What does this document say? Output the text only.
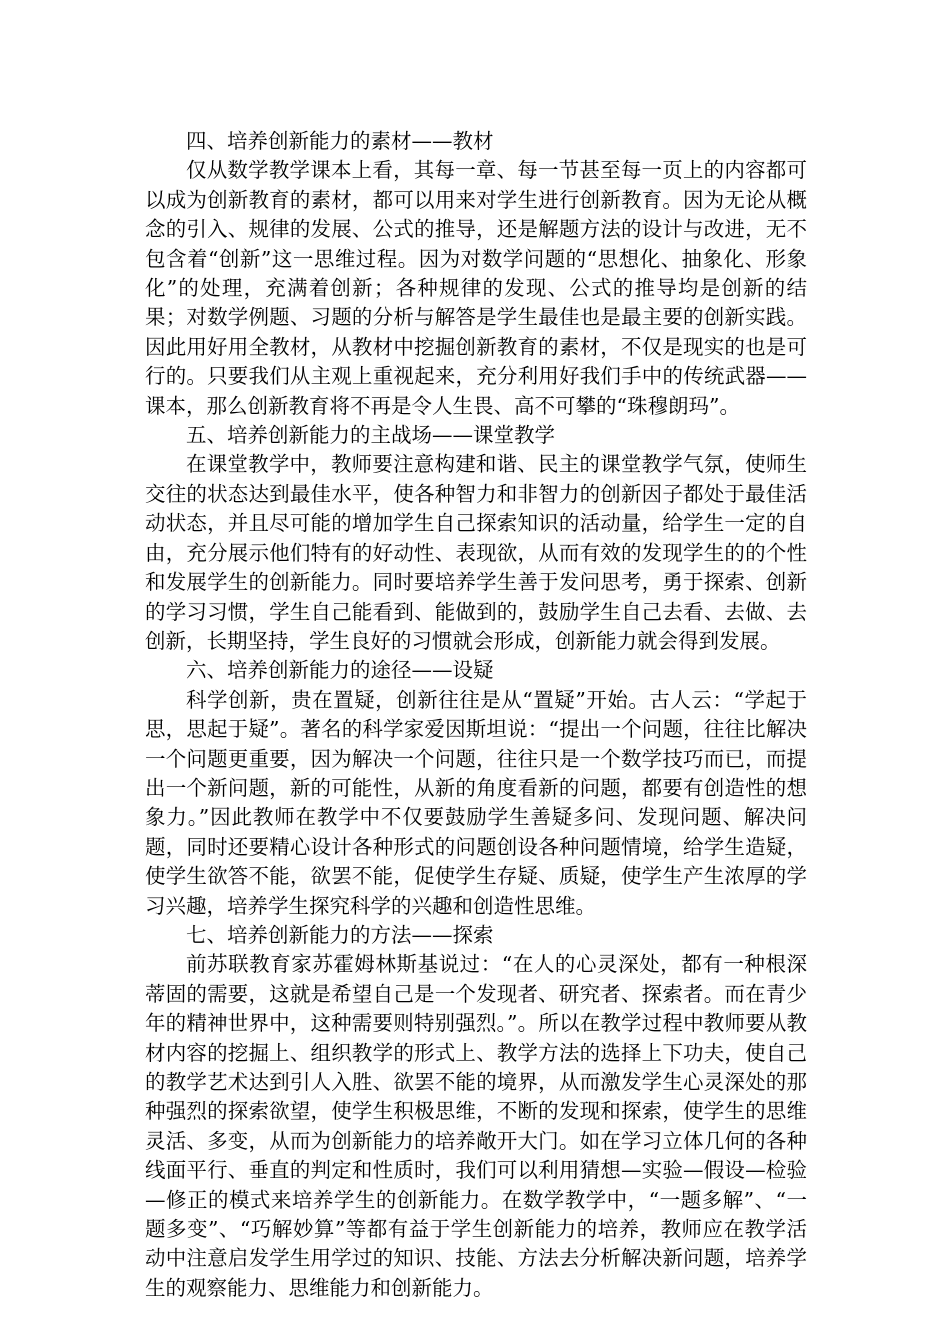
四、培养创新能力的素材——教材

仅从数学教学课本上看，其每一章、每一节甚至每一页上的内容都可以成为创新教育的素材，都可以用来对学生进行创新教育。因为无论从概念的引入、规律的发展、公式的推导，还是解题方法的设计与改进，无不包含着“创新”这一思维过程。因为对数学问题的“思想化、抽象化、形象化”的处理，充满着创新；各种规律的发现、公式的推导均是创新的结果；对数学例题、习题的分析与解答是学生最佳也是最主要的创新实践。因此用好用全教材，从教材中挖掘创新教育的素材，不仅是现实的也是可行的。只要我们从主观上重视起来，充分利用好我们手中的传统武器——课本，那么创新教育将不再是令人生畏、高不可攀的“珠穆朗玛”。

五、培养创新能力的主战场——课堂教学

在课堂教学中，教师要注意构建和谐、民主的课堂教学气氛，使师生交往的状态达到最佳水平，使各种智力和非智力的创新因子都处于最佳活动状态，并且尽可能的增加学生自己探索知识的活动量，给学生一定的自由，充分展示他们特有的好动性、表现欲，从而有效的发现学生的的个性和发展学生的创新能力。同时要培养学生善于发问思考，勇于探索、创新的学习习惯，学生自己能看到、能做到的，鼓励学生自己去看、去做、去创新，长期坚持，学生良好的习惯就会形成，创新能力就会得到发展。

六、培养创新能力的途径——设疑

科学创新，贵在置疑，创新往往是从“置疑”开始。古人云：“学起于思，思起于疑”。著名的科学家爱因斯坦说：“提出一个问题，往往比解决一个问题更重要，因为解决一个问题，往往只是一个数学技巧而已，而提出一个新问题，新的可能性，从新的角度看新的问题，都要有创造性的想象力。”因此教师在教学中不仅要鼓励学生善疑多问、发现问题、解决问题，同时还要精心设计各种形式的问题创设各种问题情境，给学生造疑，使学生欲答不能，欲罢不能，促使学生存疑、质疑，使学生产生浓厚的学习兴趣，培养学生探究科学的兴趣和创造性思维。

七、培养创新能力的方法——探索

前苏联教育家苏霍姆林斯基说过：“在人的心灵深处，都有一种根深蒂固的需要，这就是希望自己是一个发现者、研究者、探索者。而在青少年的精神世界中，这种需要则特别强烈。”。所以在教学过程中教师要从教材内容的挖掘上、组织教学的形式上、教学方法的选择上下功夫，使自己的教学艺术达到引人入胜、欲罢不能的境界，从而激发学生心灵深处的那种强烈的探索欲望，使学生积极思维，不断的发现和探索，使学生的思维灵活、多变，从而为创新能力的培养敞开大门。如在学习立体几何的各种线面平行、垂直的判定和性质时，我们可以利用猜想—实验—假设—检验—修正的模式来培养学生的创新能力。在数学教学中，“一题多解”、“一题多变”、“巧解妙算”等都有益于学生创新能力的培养，教师应在教学活动中注意启发学生用学过的知识、技能、方法去分析解决新问题，培养学生的观察能力、思维能力和创新能力。
